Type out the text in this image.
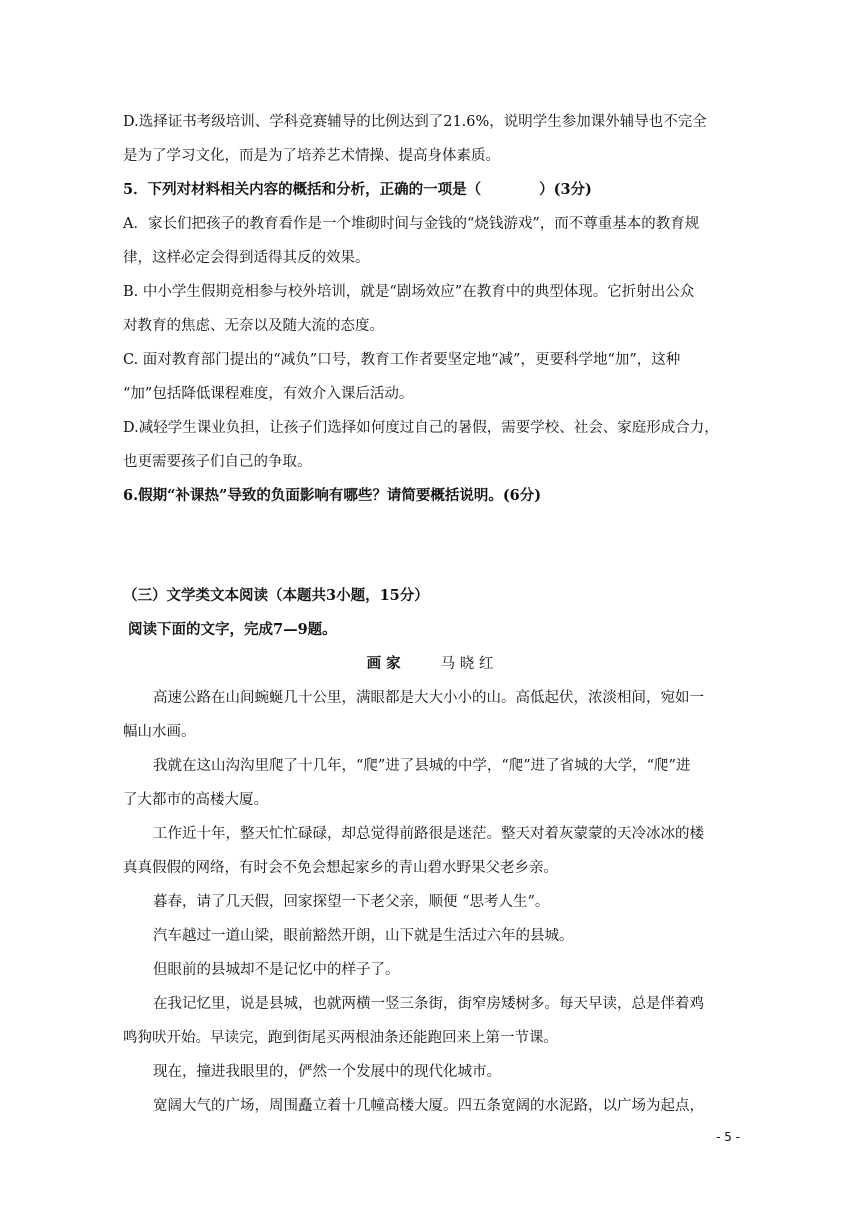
D.选择证书考级培训、学科竞赛辅导的比例达到了21.6%，说明学生参加课外辅导也不完全
是为了学习文化，而是为了培养艺术情操、提高身体素质。
5．下列对材料相关内容的概括和分析，正确的一项是（　　　　）(3分)
A．家长们把孩子的教育看作是一个堆砌时间与金钱的“烧钱游戏”，而不尊重基本的教育规
律，这样必定会得到适得其反的效果。
B. 中小学生假期竞相参与校外培训，就是“剧场效应”在教育中的典型体现。它折射出公众
对教育的焦虑、无奈以及随大流的态度。
C. 面对教育部门提出的“减负”口号，教育工作者要坚定地“减”，更要科学地“加”，这种
“加”包括降低课程难度，有效介入课后活动。
D.减轻学生课业负担，让孩子们选择如何度过自己的暑假，需要学校、社会、家庭形成合力，
也更需要孩子们自己的争取。
6.假期“补课热”导致的负面影响有哪些？请简要概括说明。(6分)
（三）文学类文本阅读（本题共3小题，15分）
阅读下面的文字，完成7—9题。
画 家	马 晓 红
高速公路在山间蜿蜒几十公里，满眼都是大大小小的山。高低起伏，浓淡相间，宛如一
幅山水画。
我就在这山沟沟里爬了十几年，“爬”进了县城的中学，“爬”进了省城的大学，“爬”进
了大都市的高楼大厦。
工作近十年，整天忙忙碌碌，却总觉得前路很是迷茫。整天对着灰蒙蒙的天冷冰冰的楼
真真假假的网络，有时会不免会想起家乡的青山碧水野果父老乡亲。
暮春，请了几天假，回家探望一下老父亲，顺便 “思考人生”。
汽车越过一道山梁，眼前豁然开朗，山下就是生活过六年的县城。
但眼前的县城却不是记忆中的样子了。
在我记忆里，说是县城，也就两横一竖三条街，街窄房矮树多。每天早读，总是伴着鸡
鸣狗吠开始。早读完，跑到街尾买两根油条还能跑回来上第一节课。
现在，撞进我眼里的，俨然一个发展中的现代化城市。
宽阔大气的广场，周围矗立着十几幢高楼大厦。四五条宽阔的水泥路，以广场为起点，
- 5 -
